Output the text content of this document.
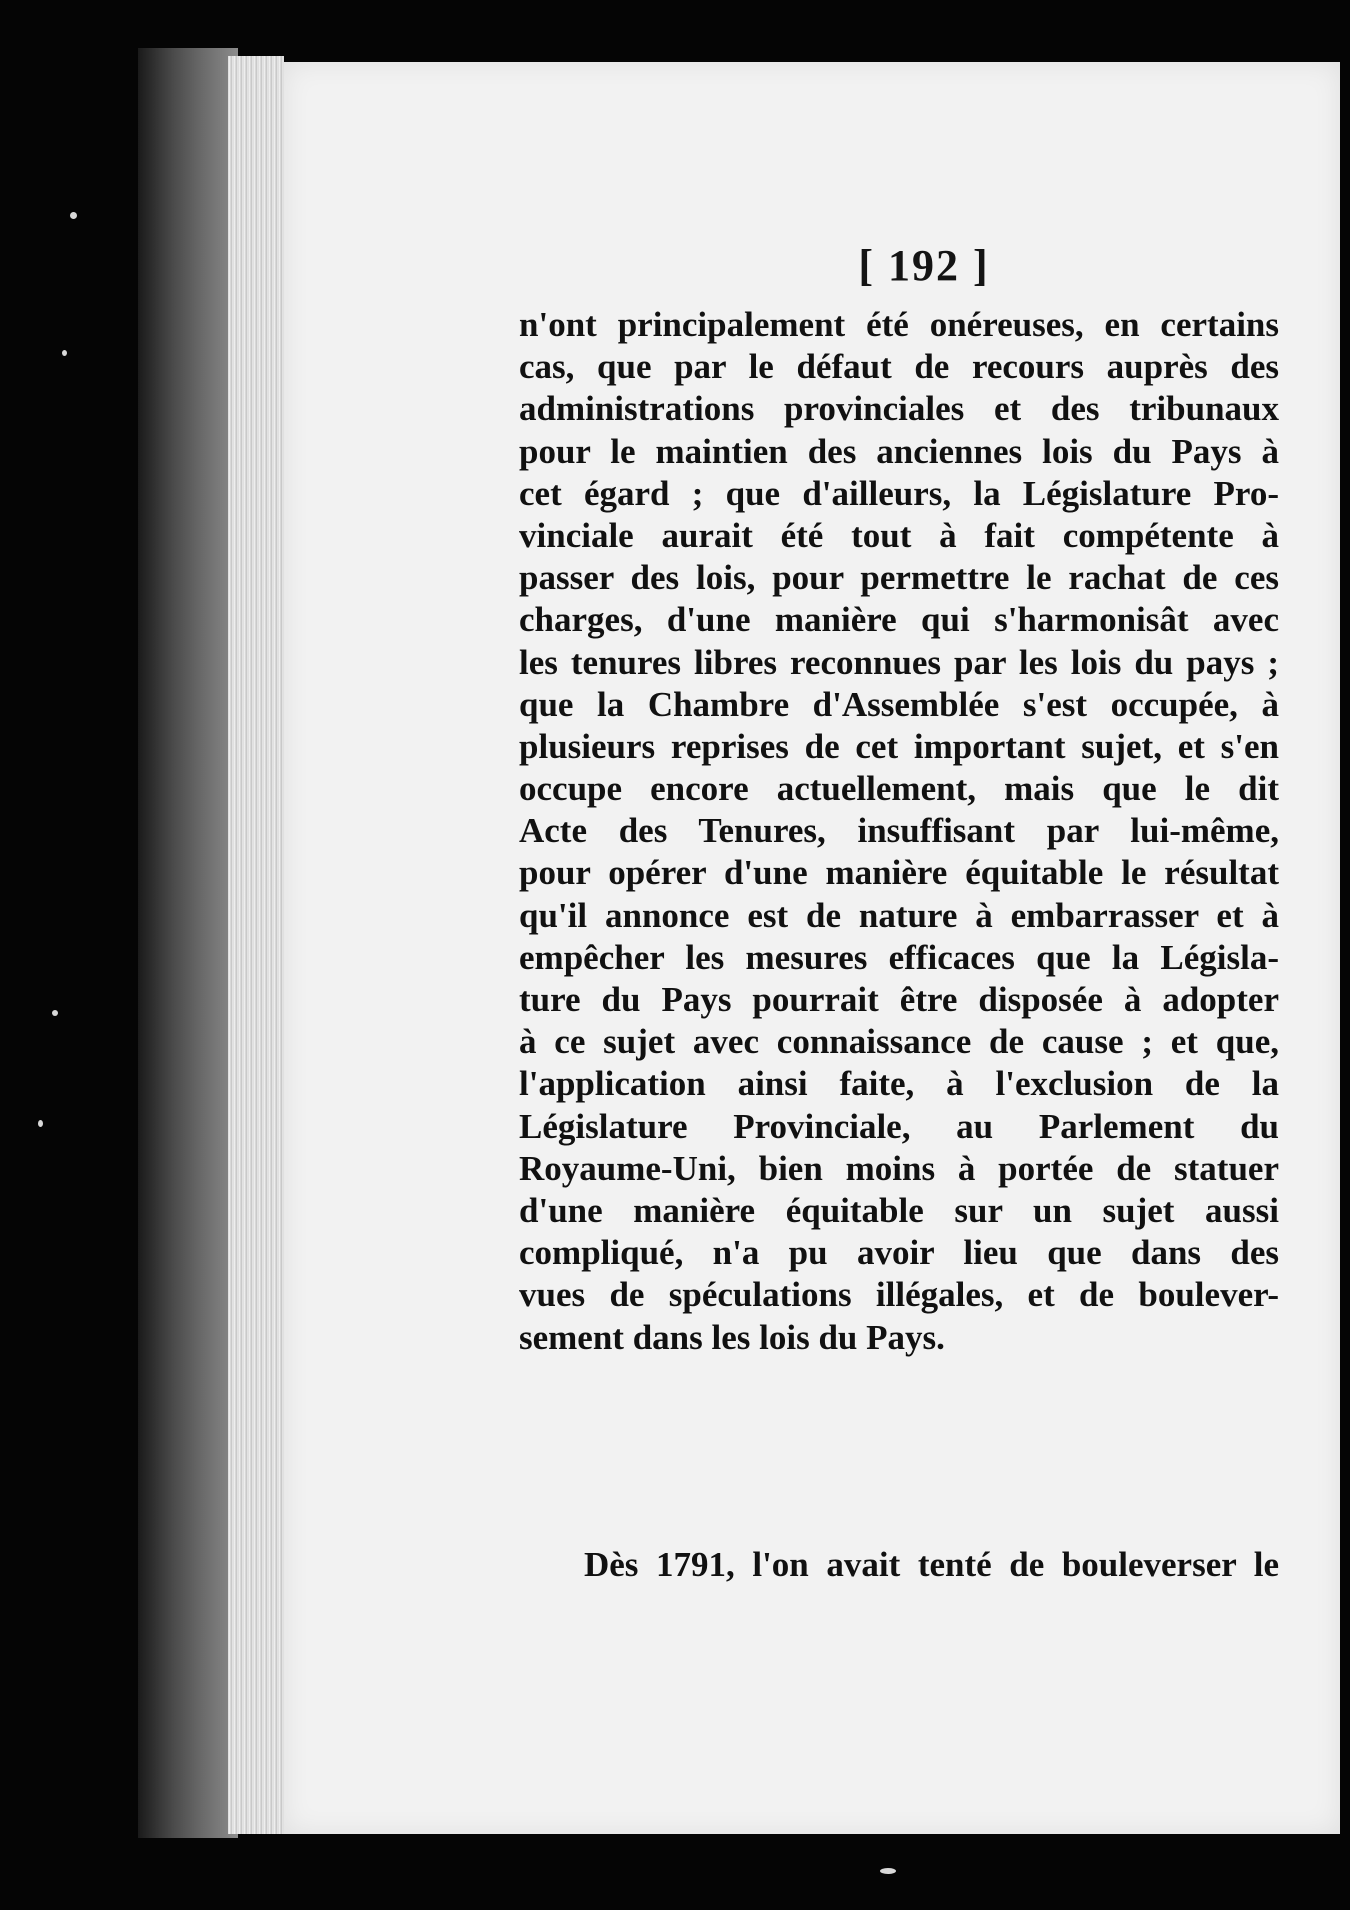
[ 192 ]
n'ont principalement été onéreuses, en certains
cas, que par le défaut de recours auprès des
administrations provinciales et des tribunaux
pour le maintien des anciennes lois du Pays à
cet égard ; que d'ailleurs, la Législature Pro-
vinciale aurait été tout à fait compétente à
passer des lois, pour permettre le rachat de ces
charges, d'une manière qui s'harmonisât avec
les tenures libres reconnues par les lois du pays ;
que la Chambre d'Assemblée s'est occupée, à
plusieurs reprises de cet important sujet, et s'en
occupe encore actuellement, mais que le dit
Acte des Tenures, insuffisant par lui-même,
pour opérer d'une manière équitable le résultat
qu'il annonce est de nature à embarrasser et à
empêcher les mesures efficaces que la Législa-
ture du Pays pourrait être disposée à adopter
à ce sujet avec connaissance de cause ; et que,
l'application ainsi faite, à l'exclusion de la
Législature Provinciale, au Parlement du
Royaume-Uni, bien moins à portée de statuer
d'une manière équitable sur un sujet aussi
compliqué, n'a pu avoir lieu que dans des
vues de spéculations illégales, et de boulever-
sement dans les lois du Pays.
Dès 1791, l'on avait tenté de bouleverser le
